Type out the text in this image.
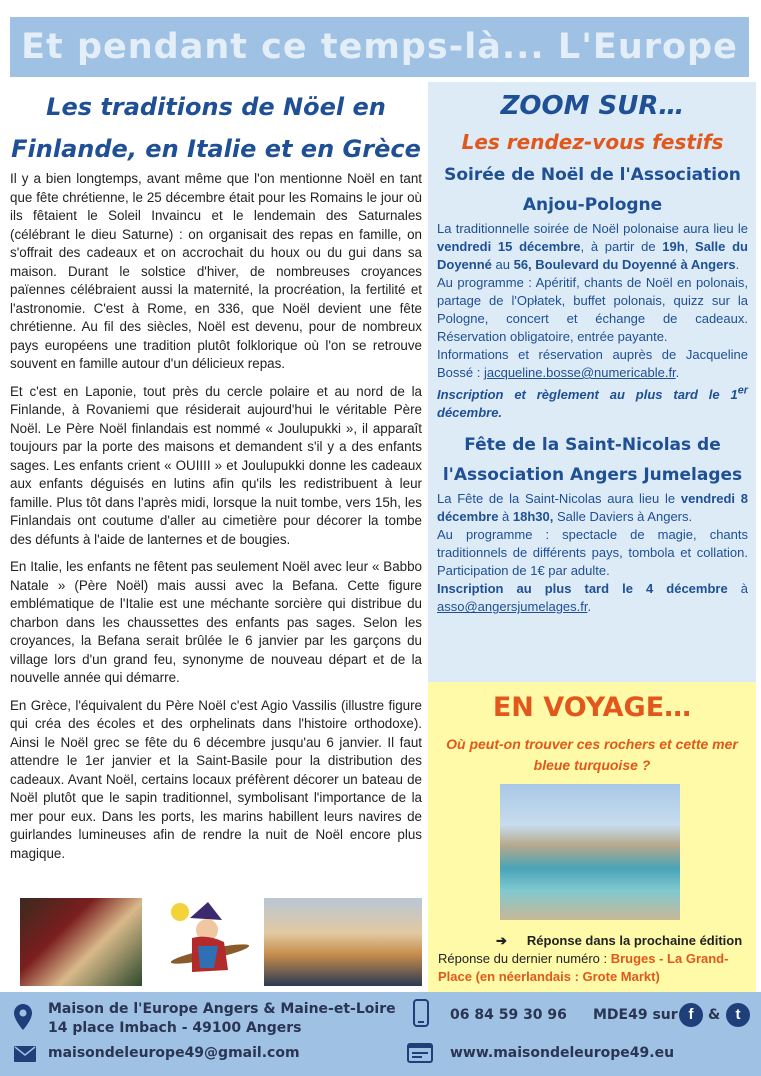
Et pendant ce temps-là... L'Europe
Les traditions de Nöel en
Finlande, en Italie et en Grèce

Il y a bien longtemps, avant même que l'on mentionne Noël en tant que fête chrétienne, le 25 décembre était pour les Romains le jour où ils fêtaient le Soleil Invaincu et le lendemain des Saturnales (célébrant le dieu Saturne) : on organisait des repas en famille, on s'offrait des cadeaux et on accrochait du houx ou du gui dans sa maison. Durant le solstice d'hiver, de nombreuses croyances païennes célébraient aussi la maternité, la procréation, la fertilité et l'astronomie. C'est à Rome, en 336, que Noël devient une fête chrétienne. Au fil des siècles, Noël est devenu, pour de nombreux pays européens une tradition plutôt folklorique où l'on se retrouve souvent en famille autour d'un délicieux repas.

Et c'est en Laponie, tout près du cercle polaire et au nord de la Finlande, à Rovaniemi que résiderait aujourd'hui le véritable Père Noël. Le Père Noël finlandais est nommé « Joulupukki », il apparaît toujours par la porte des maisons et demandent s'il y a des enfants sages. Les enfants crient « OUIIII » et Joulupukki donne les cadeaux aux enfants déguisés en lutins afin qu'ils les redistribuent à leur famille. Plus tôt dans l'après midi, lorsque la nuit tombe, vers 15h, les Finlandais ont coutume d'aller au cimetière pour décorer la tombe des défunts à l'aide de lanternes et de bougies.

En Italie, les enfants ne fêtent pas seulement Noël avec leur « Babbo Natale » (Père Noël) mais aussi avec la Befana. Cette figure emblématique de l'Italie est une méchante sorcière qui distribue du charbon dans les chaussettes des enfants pas sages. Selon les croyances, la Befana serait brûlée le 6 janvier par les garçons du village lors d'un grand feu, synonyme de nouveau départ et de la nouvelle année qui démarre.

En Grèce, l'équivalent du Père Noël c'est Agio Vassilis (illustre figure qui créa des écoles et des orphelinats dans l'histoire orthodoxe). Ainsi le Noël grec se fête du 6 décembre jusqu'au 6 janvier. Il faut attendre le 1er janvier et la Saint-Basile pour la distribution des cadeaux. Avant Noël, certains locaux préfèrent décorer un bateau de Noël plutôt que le sapin traditionnel, symbolisant l'importance de la mer pour eux. Dans les ports, les marins habillent leurs navires de guirlandes lumineuses afin de rendre la nuit de Noël encore plus magique.

ZOOM SUR…
Les rendez-vous festifs
Soirée de Noël de l'Association
Anjou-Pologne

La traditionnelle soirée de Noël polonaise aura lieu le vendredi 15 décembre, à partir de 19h, Salle du Doyenné au 56, Boulevard du Doyenné à Angers.

Au programme : Apéritif, chants de Noël en polonais, partage de l'Opłatek, buffet polonais, quizz sur la Pologne, concert et échange de cadeaux. Réservation obligatoire, entrée payante.

Informations et réservation auprès de Jacqueline Bossé : jacqueline.bosse@numericable.fr.

Inscription et règlement au plus tard le 1er décembre.

Fête de la Saint-Nicolas de
l'Association Angers Jumelages

La Fête de la Saint-Nicolas aura lieu le vendredi 8 décembre à 18h30, Salle Daviers à Angers.

Au programme : spectacle de magie, chants traditionnels de différents pays, tombola et collation. Participation de 1€ par adulte.

Inscription au plus tard le 4 décembre à asso@angersjumelages.fr.

EN VOYAGE…

Où peut-on trouver ces rochers et cette mer bleue turquoise ?

➔ Réponse dans la prochaine édition
Réponse du dernier numéro : Bruges - La Grand-Place (en néerlandais : Grote Markt)
Maison de l'Europe Angers & Maine-et-Loire
14 place Imbach - 49100 Angers
06 84 59 30 96 MDE49 sur f	&	t
maisondeleurope49@gmail.com	www.maisondeleurope49.eu
